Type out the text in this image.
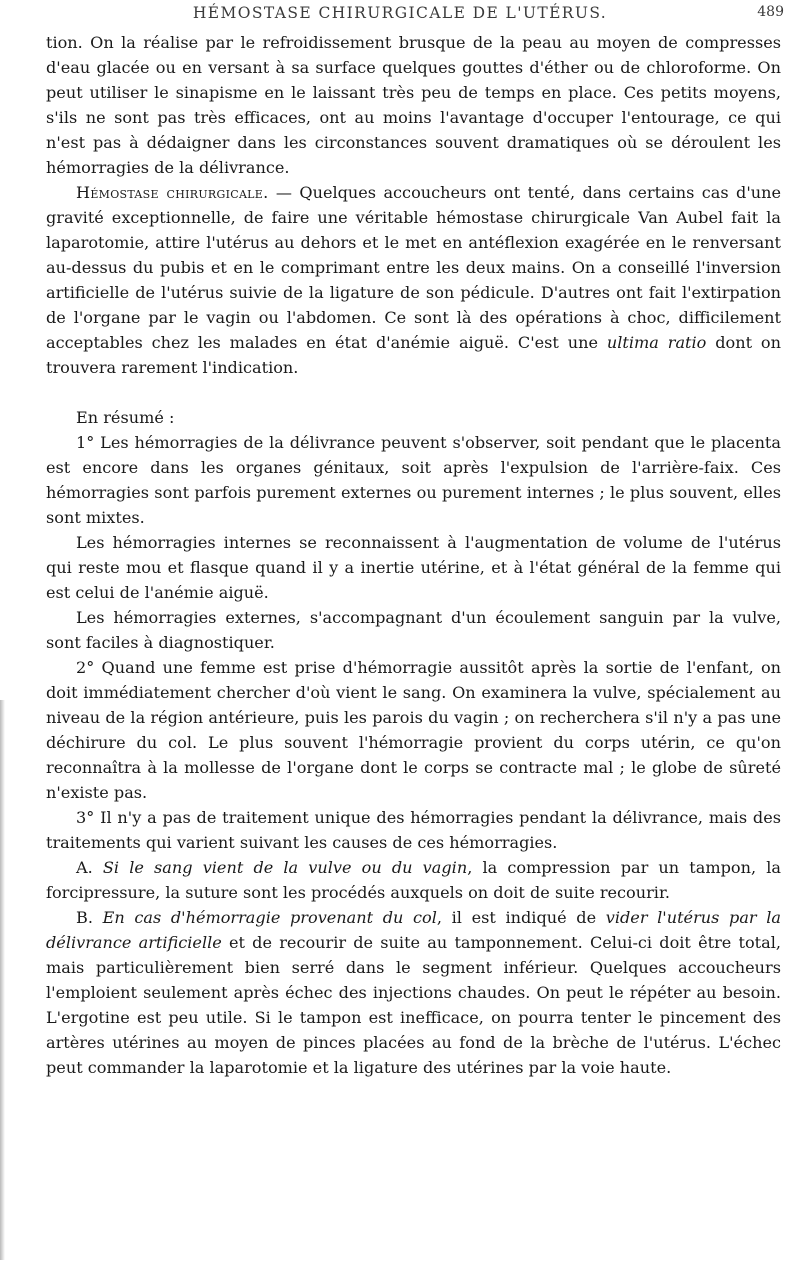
HÉMOSTASE CHIRURGICALE DE L'UTÉRUS.	489

tion. On la réalise par le refroidissement brusque de la peau au moyen de compresses d'eau glacée ou en versant à sa surface quelques gouttes d'éther ou de chloroforme. On peut utiliser le sinapisme en le laissant très peu de temps en place. Ces petits moyens, s'ils ne sont pas très efficaces, ont au moins l'avantage d'occuper l'entourage, ce qui n'est pas à dédaigner dans les circonstances souvent dramatiques où se déroulent les hémorragies de la délivrance.

Hémostase chirurgicale. — Quelques accoucheurs ont tenté, dans certains cas d'une gravité exceptionnelle, de faire une véritable hémostase chirurgicale Van Aubel fait la laparotomie, attire l'utérus au dehors et le met en antéflexion exagérée en le renversant au-dessus du pubis et en le comprimant entre les deux mains. On a conseillé l'inversion artificielle de l'utérus suivie de la ligature de son pédicule. D'autres ont fait l'extirpation de l'organe par le vagin ou l'abdomen. Ce sont là des opérations à choc, difficilement acceptables chez les malades en état d'anémie aiguë. C'est une ultima ratio dont on trouvera rarement l'indication.

En résumé :

1° Les hémorragies de la délivrance peuvent s'observer, soit pendant que le placenta est encore dans les organes génitaux, soit après l'expulsion de l'arrière-faix. Ces hémorragies sont parfois purement externes ou purement internes ; le plus souvent, elles sont mixtes.

Les hémorragies internes se reconnaissent à l'augmentation de volume de l'utérus qui reste mou et flasque quand il y a inertie utérine, et à l'état général de la femme qui est celui de l'anémie aiguë.

Les hémorragies externes, s'accompagnant d'un écoulement sanguin par la vulve, sont faciles à diagnostiquer.

2° Quand une femme est prise d'hémorragie aussitôt après la sortie de l'enfant, on doit immédiatement chercher d'où vient le sang. On examinera la vulve, spécialement au niveau de la région antérieure, puis les parois du vagin ; on recherchera s'il n'y a pas une déchirure du col. Le plus souvent l'hémorragie provient du corps utérin, ce qu'on reconnaîtra à la mollesse de l'organe dont le corps se contracte mal ; le globe de sûreté n'existe pas.

3° Il n'y a pas de traitement unique des hémorragies pendant la délivrance, mais des traitements qui varient suivant les causes de ces hémorragies.

A. Si le sang vient de la vulve ou du vagin, la compression par un tampon, la forcipressure, la suture sont les procédés auxquels on doit de suite recourir.

B. En cas d'hémorragie provenant du col, il est indiqué de vider l'utérus par la délivrance artificielle et de recourir de suite au tamponnement. Celui-ci doit être total, mais particulièrement bien serré dans le segment inférieur. Quelques accoucheurs l'emploient seulement après échec des injections chaudes. On peut le répéter au besoin. L'ergotine est peu utile. Si le tampon est inefficace, on pourra tenter le pincement des artères utérines au moyen de pinces placées au fond de la brèche de l'utérus. L'échec peut commander la laparotomie et la ligature des utérines par la voie haute.
